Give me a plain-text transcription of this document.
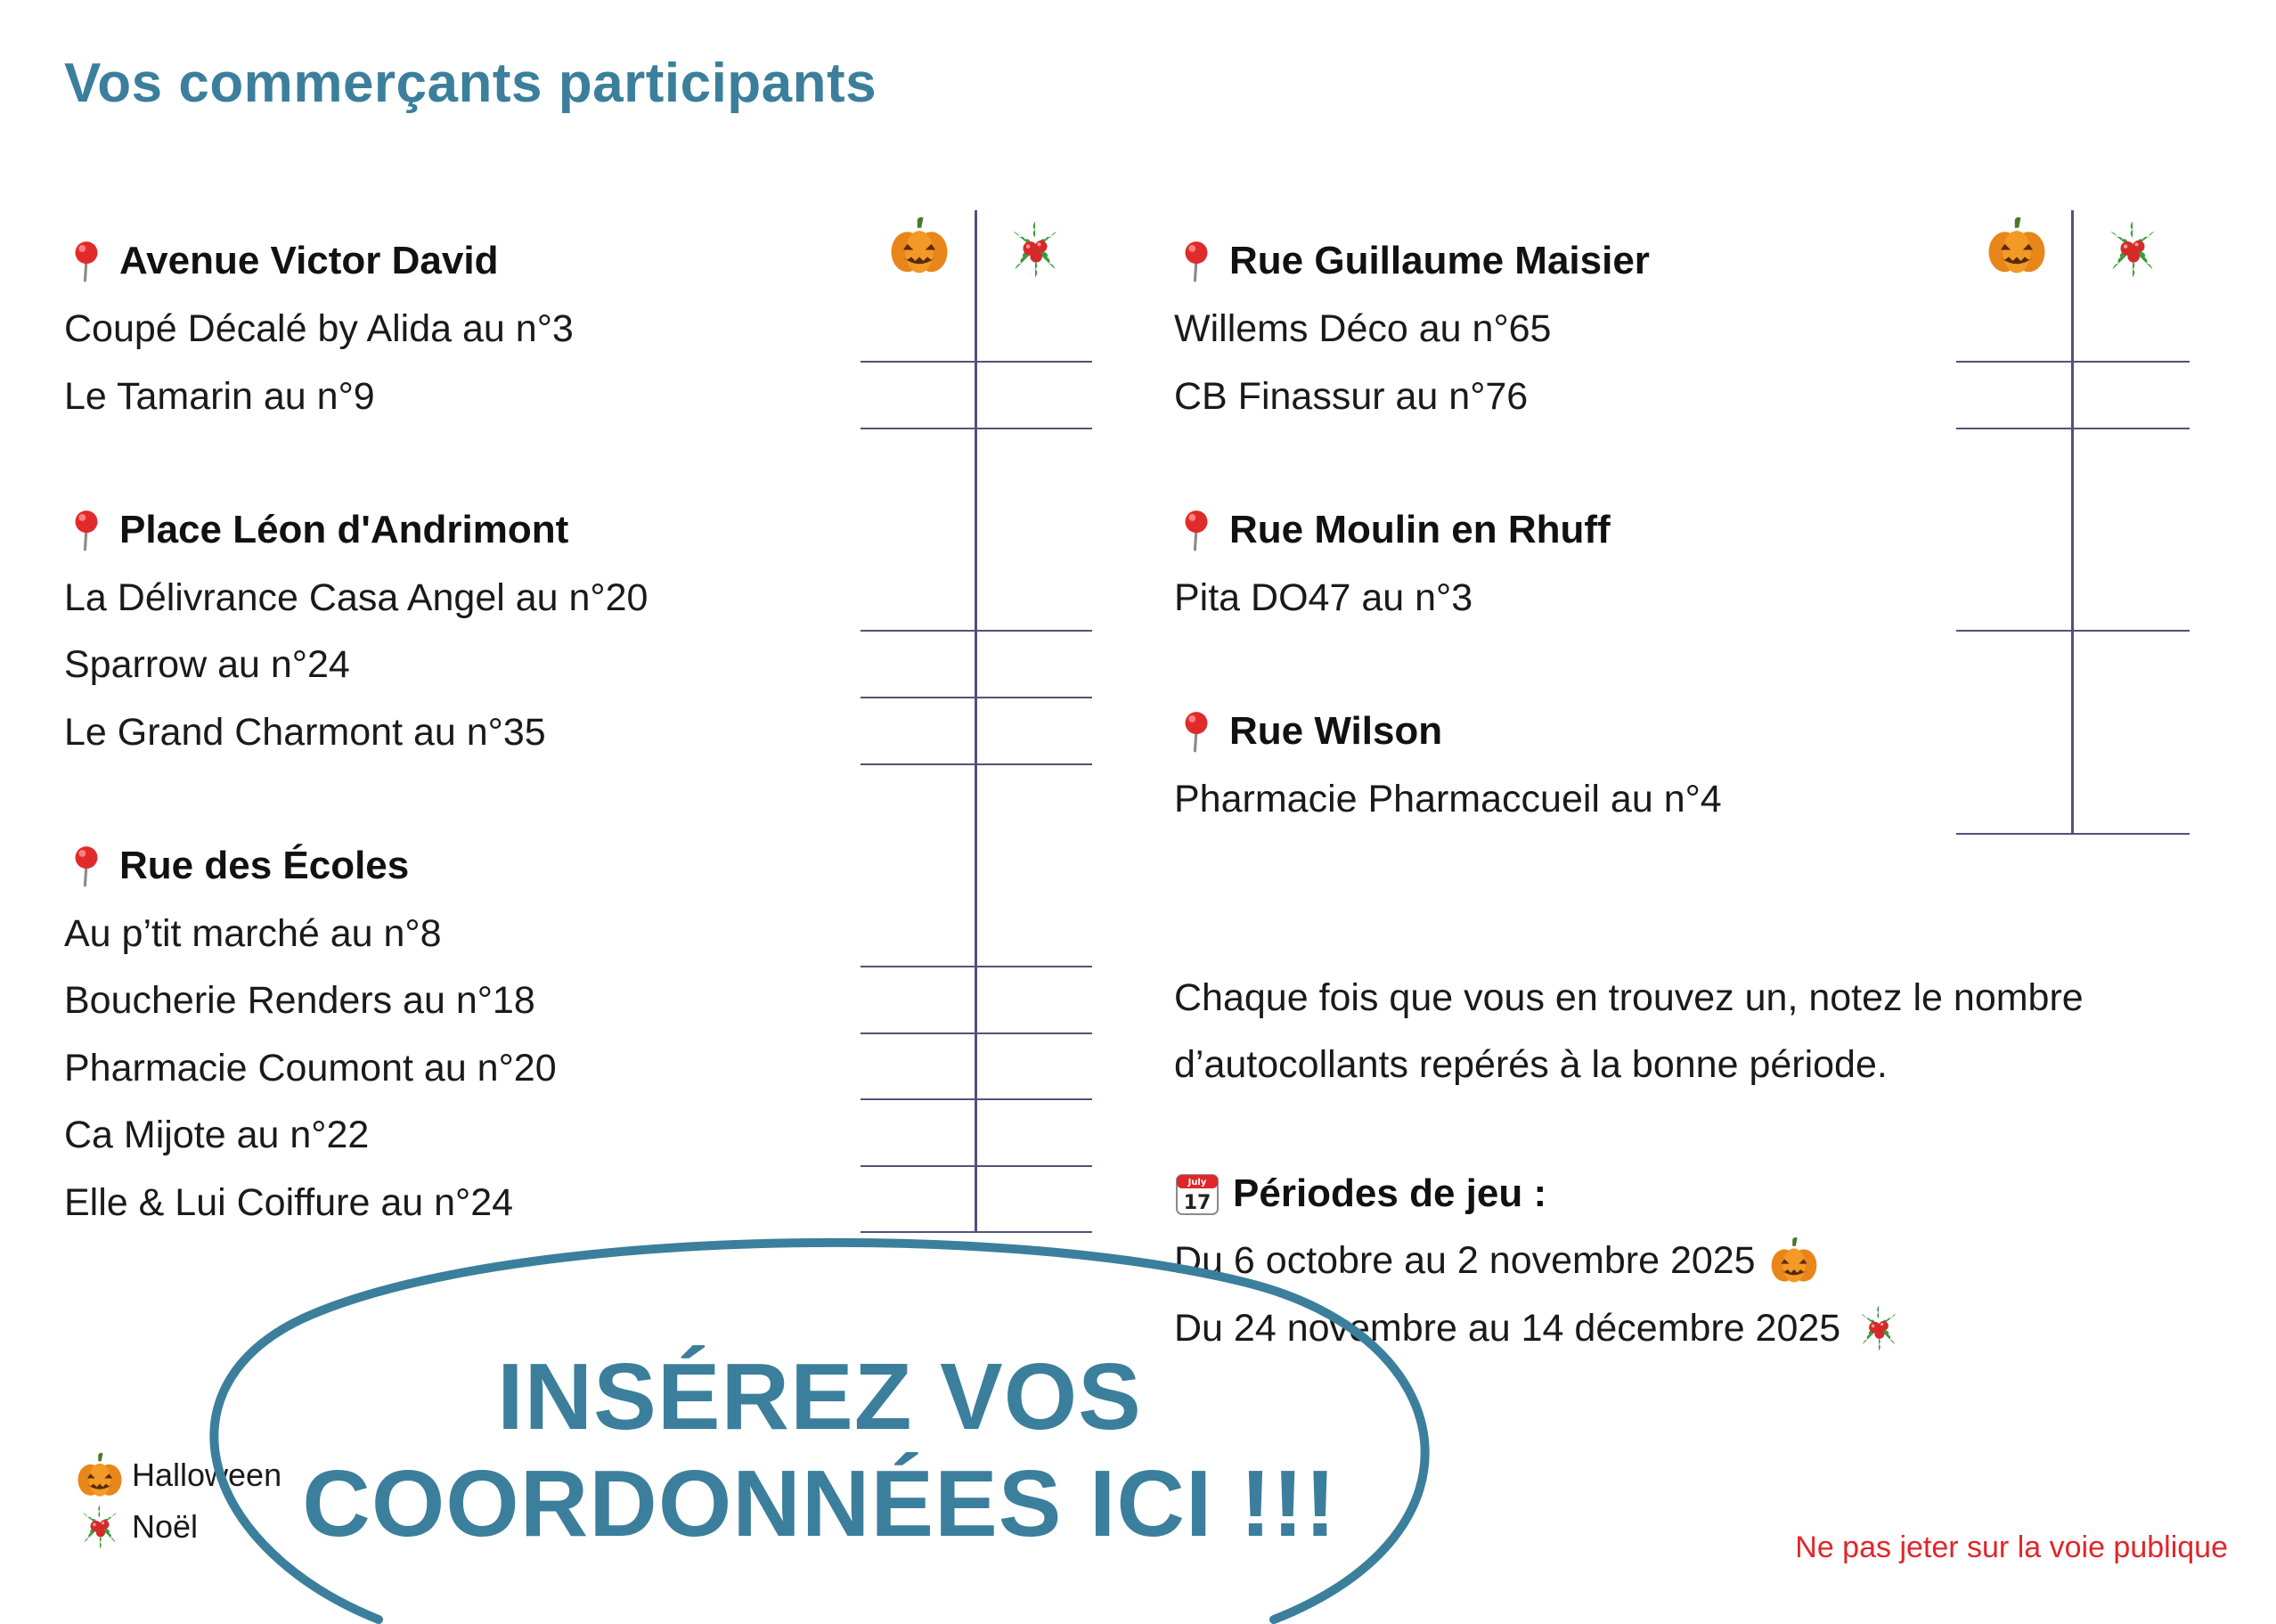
Vos commerçants participants
Avenue Victor David
Coupé Décalé by Alida au n°3
Le Tamarin au n°9
Place Léon d'Andrimont
La Délivrance Casa Angel au n°20
Sparrow au n°24
Le Grand Charmont au n°35
Rue des Écoles
Au p’tit marché au n°8
Boucherie Renders au n°18
Pharmacie Coumont au n°20
Ca Mijote au n°22
Elle & Lui Coiffure au n°24
Rue Guillaume Maisier
Willems Déco au n°65
CB Finassur au n°76
Rue Moulin en Rhuff
Pita DO47 au n°3
Rue Wilson
Pharmacie Pharmaccueil au n°4
Chaque fois que vous en trouvez un, notez le nombre d’autocollants repérés à la bonne période.
July
17 Périodes de jeu :
Du 6 octobre au 2 novembre 2025
Du 24 novembre au 14 décembre 2025
Halloween
Noël
INSÉREZ VOS
COORDONNÉES ICI !!!	Ne pas jeter sur la voie publique
